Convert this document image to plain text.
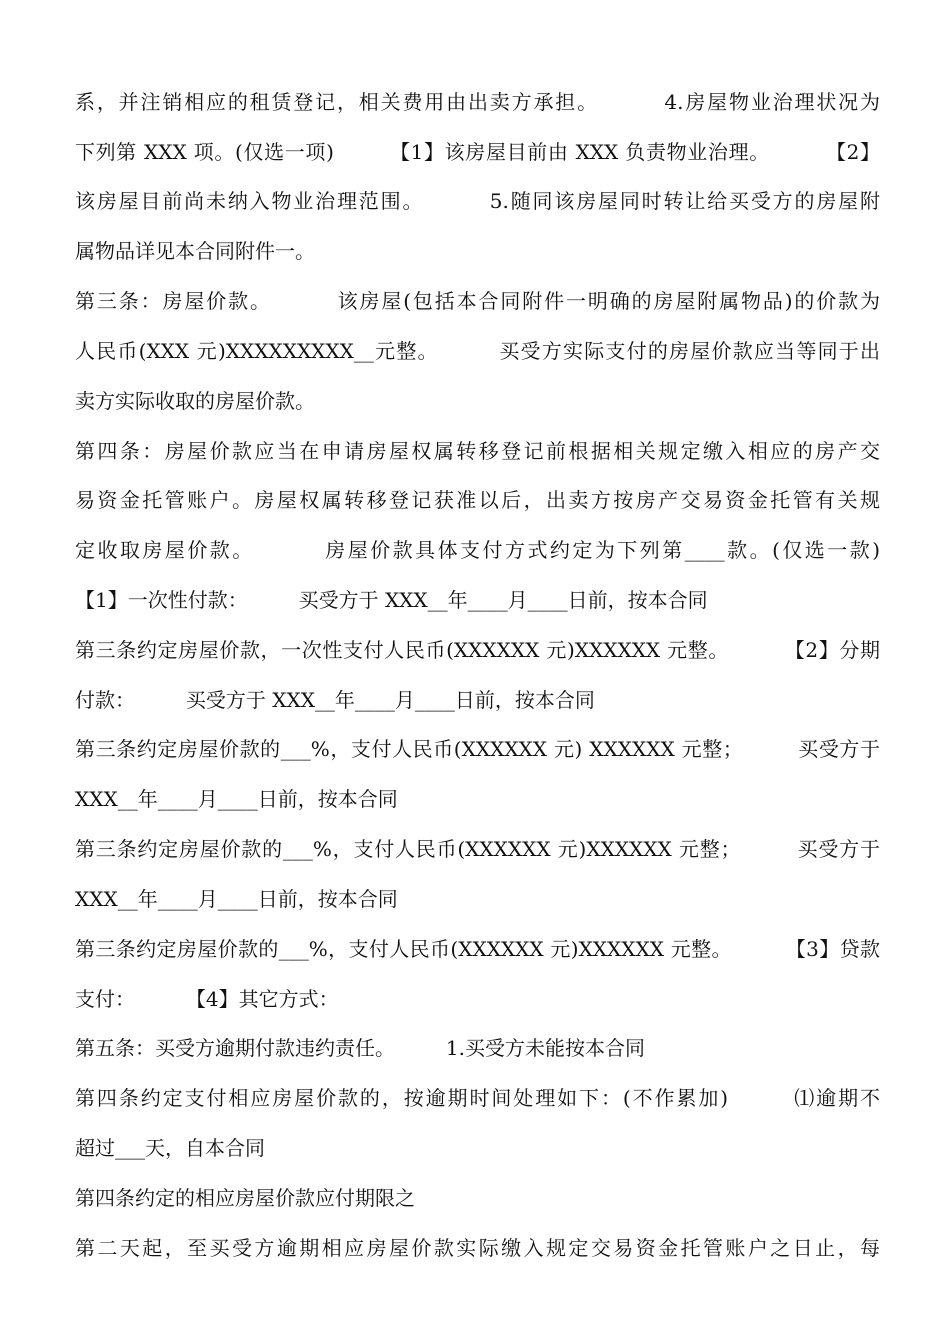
系，并注销相应的租赁登记，相关费用由出卖方承担。        4.房屋物业治理状况为
下列第 XXX 项。(仅选一项)        【1】该房屋目前由 XXX 负责物业治理。        【2】
该房屋目前尚未纳入物业治理范围。        5.随同该房屋同时转让给买受方的房屋附
属物品详见本合同附件一。
第三条：房屋价款。        该房屋(包括本合同附件一明确的房屋附属物品)的价款为
人民币(XXX 元)XXXXXXXXX__元整。        买受方实际支付的房屋价款应当等同于出
卖方实际收取的房屋价款。
第四条：房屋价款应当在申请房屋权属转移登记前根据相关规定缴入相应的房产交
易资金托管账户。房屋权属转移登记获准以后，出卖方按房产交易资金托管有关规
定收取房屋价款。        房屋价款具体支付方式约定为下列第____款。(仅选一款)
【1】一次性付款：        买受方于 XXX__年____月____日前，按本合同
第三条约定房屋价款，一次性支付人民币(XXXXXX 元)XXXXXX 元整。        【2】分期
付款：        买受方于 XXX__年____月____日前，按本合同
第三条约定房屋价款的___%，支付人民币(XXXXXX 元) XXXXXX 元整；        买受方于
XXX__年____月____日前，按本合同
第三条约定房屋价款的___%，支付人民币(XXXXXX 元)XXXXXX 元整；        买受方于
XXX__年____月____日前，按本合同
第三条约定房屋价款的___%，支付人民币(XXXXXX 元)XXXXXX 元整。        【3】贷款
支付：        【4】其它方式：
第五条：买受方逾期付款违约责任。        1.买受方未能按本合同
第四条约定支付相应房屋价款的，按逾期时间处理如下：(不作累加)        ⑴逾期不
超过___天，自本合同
第四条约定的相应房屋价款应付期限之
第二天起，至买受方逾期相应房屋价款实际缴入规定交易资金托管账户之日止，每
